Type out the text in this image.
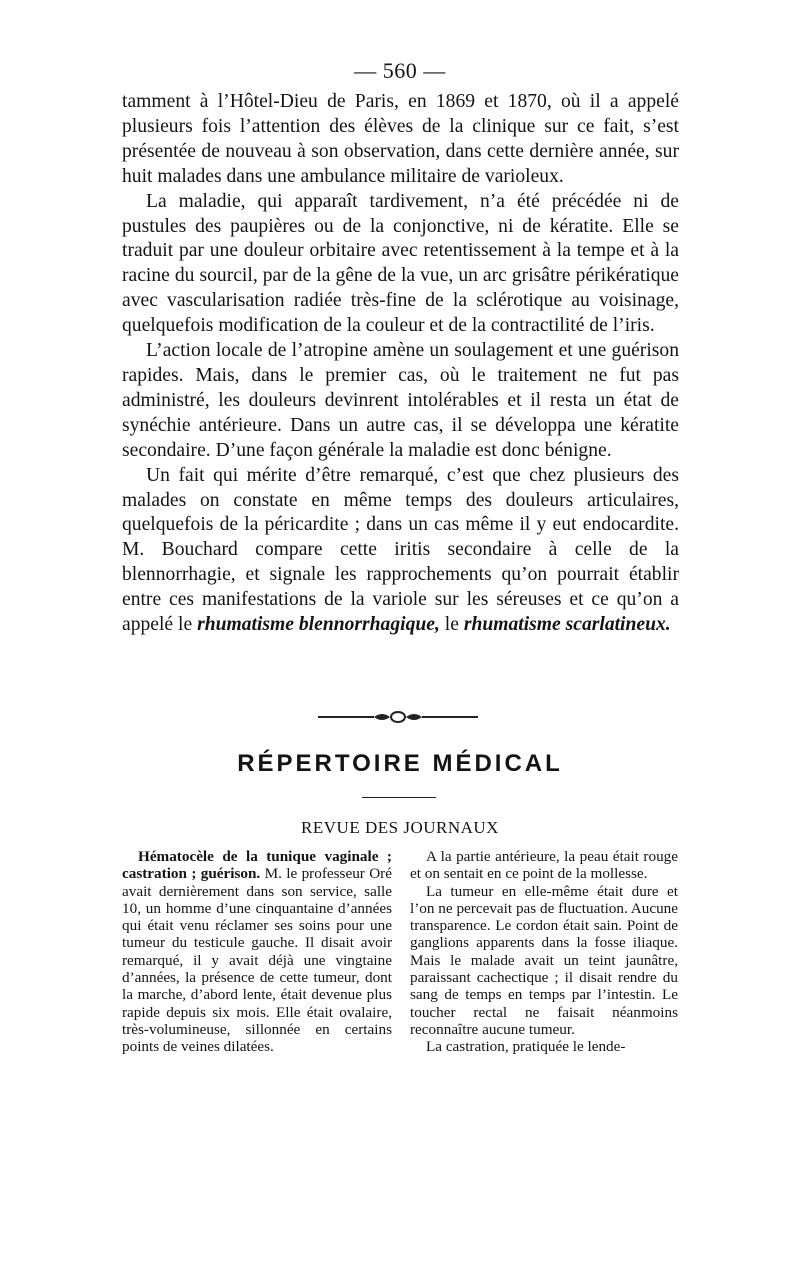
— 560 —

tamment à l’Hôtel-Dieu de Paris, en 1869 et 1870, où il a appelé plusieurs fois l’attention des élèves de la clinique sur ce fait, s’est présentée de nouveau à son observation, dans cette dernière année, sur huit malades dans une ambulance militaire de varioleux.

La maladie, qui apparaît tardivement, n’a été précédée ni de pustules des paupières ou de la conjonctive, ni de kératite. Elle se traduit par une douleur orbitaire avec retentissement à la tempe et à la racine du sourcil, par de la gêne de la vue, un arc grisâtre périkératique avec vascularisation radiée très-fine de la sclérotique au voisinage, quelquefois modification de la couleur et de la contractilité de l’iris.

L’action locale de l’atropine amène un soulagement et une guérison rapides. Mais, dans le premier cas, où le traitement ne fut pas administré, les douleurs devinrent intolérables et il resta un état de synéchie antérieure. Dans un autre cas, il se développa une kératite secondaire. D’une façon générale la maladie est donc bénigne.

Un fait qui mérite d’être remarqué, c’est que chez plusieurs des malades on constate en même temps des douleurs articulaires, quelquefois de la péricardite ; dans un cas même il y eut endocardite. M. Bouchard compare cette iritis secondaire à celle de la blennorrhagie, et signale les rapprochements qu’on pourrait établir entre ces manifestations de la variole sur les séreuses et ce qu’on a appelé le rhumatisme blennorrhagique, le rhumatisme scarlatineux.

RÉPERTOIRE MÉDICAL
REVUE DES JOURNAUX

Hématocèle de la tunique vaginale ; castration ; guérison. M. le professeur Oré avait dernièrement dans son service, salle 10, un homme d’une cinquantaine d’années qui était venu réclamer ses soins pour une tumeur du testicule gauche. Il disait avoir remarqué, il y avait déjà une vingtaine d’années, la présence de cette tumeur, dont la marche, d’abord lente, était devenue plus rapide depuis six mois. Elle était ovalaire, très-volumineuse, sillonnée en certains points de veines dilatées.

A la partie antérieure, la peau était rouge et on sentait en ce point de la mollesse.

La tumeur en elle-même était dure et l’on ne percevait pas de fluctuation. Aucune transparence. Le cordon était sain. Point de ganglions apparents dans la fosse iliaque. Mais le malade avait un teint jaunâtre, paraissant cachectique ; il disait rendre du sang de temps en temps par l’intestin. Le toucher rectal ne faisait néanmoins reconnaître aucune tumeur.

La castration, pratiquée le lende-
